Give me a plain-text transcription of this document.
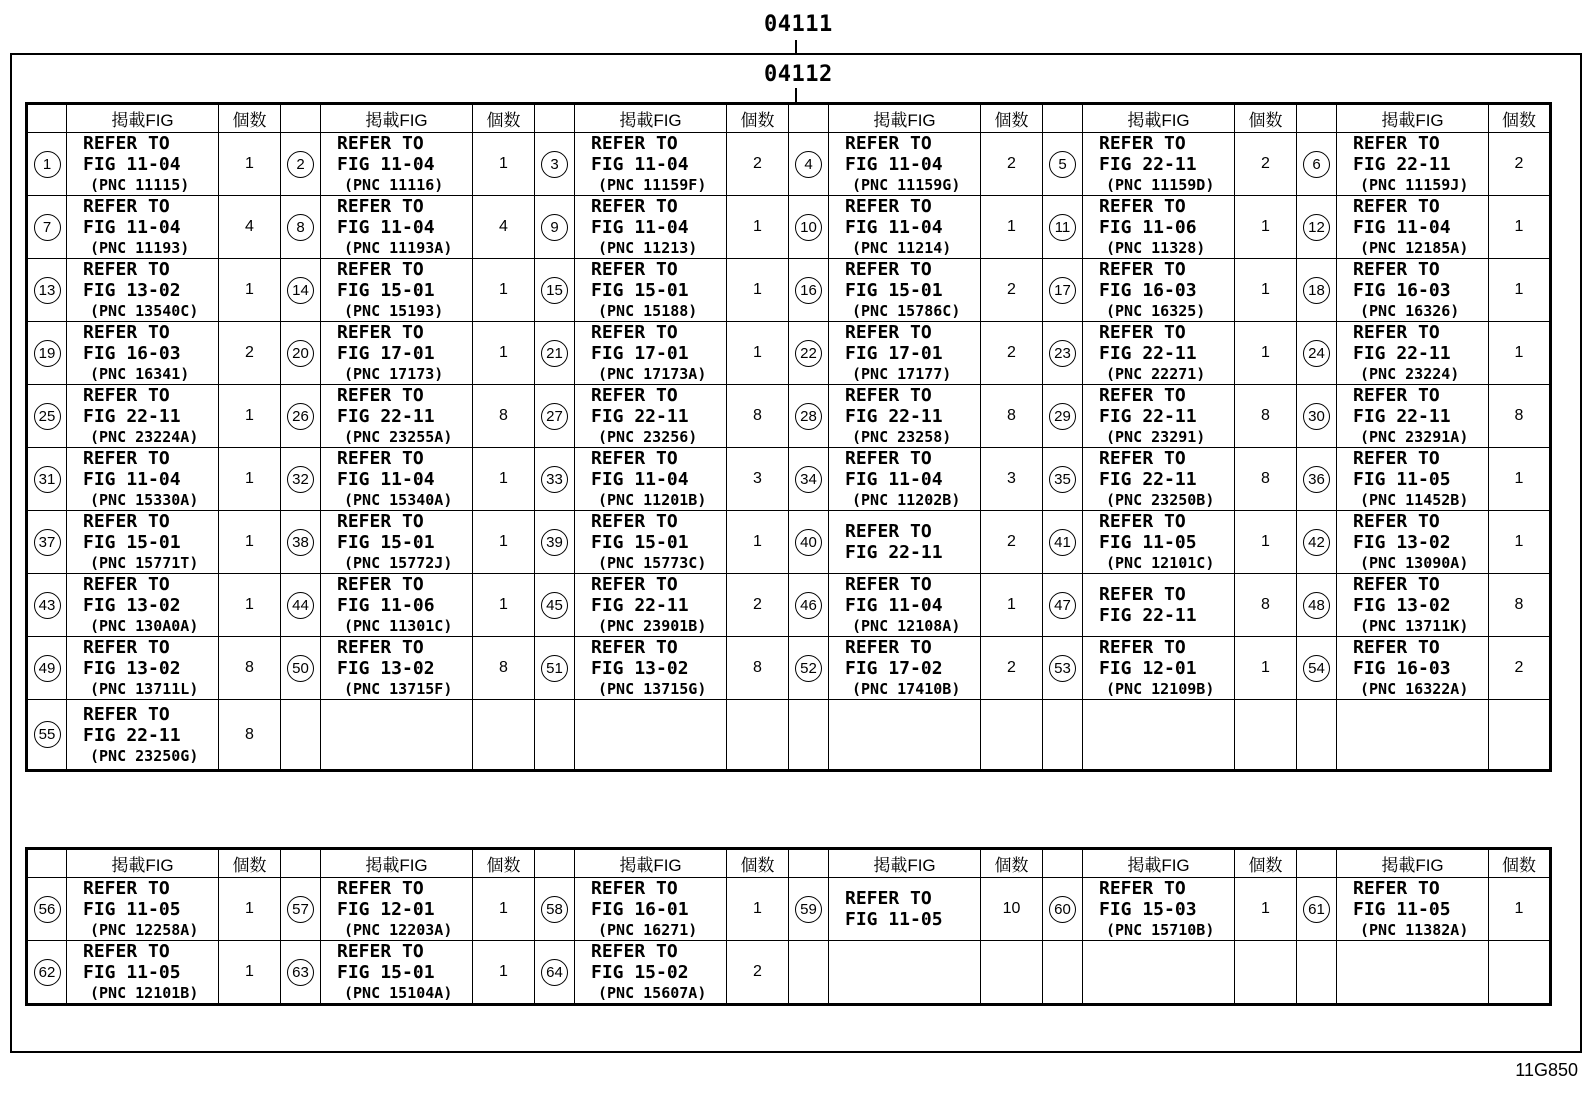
04111
04112
	掲載FIG	個数		掲載FIG	個数		掲載FIG	個数		掲載FIG	個数		掲載FIG	個数		掲載FIG	個数
1	REFER TO
FIG 11-04
(PNC 11115)	1	2	REFER TO
FIG 11-04
(PNC 11116)	1	3	REFER TO
FIG 11-04
(PNC 11159F)	2	4	REFER TO
FIG 11-04
(PNC 11159G)	2	5	REFER TO
FIG 22-11
(PNC 11159D)	2	6	REFER TO
FIG 22-11
(PNC 11159J)	2
7	REFER TO
FIG 11-04
(PNC 11193)	4	8	REFER TO
FIG 11-04
(PNC 11193A)	4	9	REFER TO
FIG 11-04
(PNC 11213)	1	10	REFER TO
FIG 11-04
(PNC 11214)	1	11	REFER TO
FIG 11-06
(PNC 11328)	1	12	REFER TO
FIG 11-04
(PNC 12185A)	1
13	REFER TO
FIG 13-02
(PNC 13540C)	1	14	REFER TO
FIG 15-01
(PNC 15193)	1	15	REFER TO
FIG 15-01
(PNC 15188)	1	16	REFER TO
FIG 15-01
(PNC 15786C)	2	17	REFER TO
FIG 16-03
(PNC 16325)	1	18	REFER TO
FIG 16-03
(PNC 16326)	1
19	REFER TO
FIG 16-03
(PNC 16341)	2	20	REFER TO
FIG 17-01
(PNC 17173)	1	21	REFER TO
FIG 17-01
(PNC 17173A)	1	22	REFER TO
FIG 17-01
(PNC 17177)	2	23	REFER TO
FIG 22-11
(PNC 22271)	1	24	REFER TO
FIG 22-11
(PNC 23224)	1
25	REFER TO
FIG 22-11
(PNC 23224A)	1	26	REFER TO
FIG 22-11
(PNC 23255A)	8	27	REFER TO
FIG 22-11
(PNC 23256)	8	28	REFER TO
FIG 22-11
(PNC 23258)	8	29	REFER TO
FIG 22-11
(PNC 23291)	8	30	REFER TO
FIG 22-11
(PNC 23291A)	8
31	REFER TO
FIG 11-04
(PNC 15330A)	1	32	REFER TO
FIG 11-04
(PNC 15340A)	1	33	REFER TO
FIG 11-04
(PNC 11201B)	3	34	REFER TO
FIG 11-04
(PNC 11202B)	3	35	REFER TO
FIG 22-11
(PNC 23250B)	8	36	REFER TO
FIG 11-05
(PNC 11452B)	1
37	REFER TO
FIG 15-01
(PNC 15771T)	1	38	REFER TO
FIG 15-01
(PNC 15772J)	1	39	REFER TO
FIG 15-01
(PNC 15773C)	1	40	REFER TO
FIG 22-11	2	41	REFER TO
FIG 11-05
(PNC 12101C)	1	42	REFER TO
FIG 13-02
(PNC 13090A)	1
43	REFER TO
FIG 13-02
(PNC 130A0A)	1	44	REFER TO
FIG 11-06
(PNC 11301C)	1	45	REFER TO
FIG 22-11
(PNC 23901B)	2	46	REFER TO
FIG 11-04
(PNC 12108A)	1	47	REFER TO
FIG 22-11	8	48	REFER TO
FIG 13-02
(PNC 13711K)	8
49	REFER TO
FIG 13-02
(PNC 13711L)	8	50	REFER TO
FIG 13-02
(PNC 13715F)	8	51	REFER TO
FIG 13-02
(PNC 13715G)	8	52	REFER TO
FIG 17-02
(PNC 17410B)	2	53	REFER TO
FIG 12-01
(PNC 12109B)	1	54	REFER TO
FIG 16-03
(PNC 16322A)	2
55	REFER TO
FIG 22-11
(PNC 23250G)	8															
	掲載FIG	個数		掲載FIG	個数		掲載FIG	個数		掲載FIG	個数		掲載FIG	個数		掲載FIG	個数
56	REFER TO
FIG 11-05
(PNC 12258A)	1	57	REFER TO
FIG 12-01
(PNC 12203A)	1	58	REFER TO
FIG 16-01
(PNC 16271)	1	59	REFER TO
FIG 11-05	10	60	REFER TO
FIG 15-03
(PNC 15710B)	1	61	REFER TO
FIG 11-05
(PNC 11382A)	1
62	REFER TO
FIG 11-05
(PNC 12101B)	1	63	REFER TO
FIG 15-01
(PNC 15104A)	1	64	REFER TO
FIG 15-02
(PNC 15607A)	2									
11G850
